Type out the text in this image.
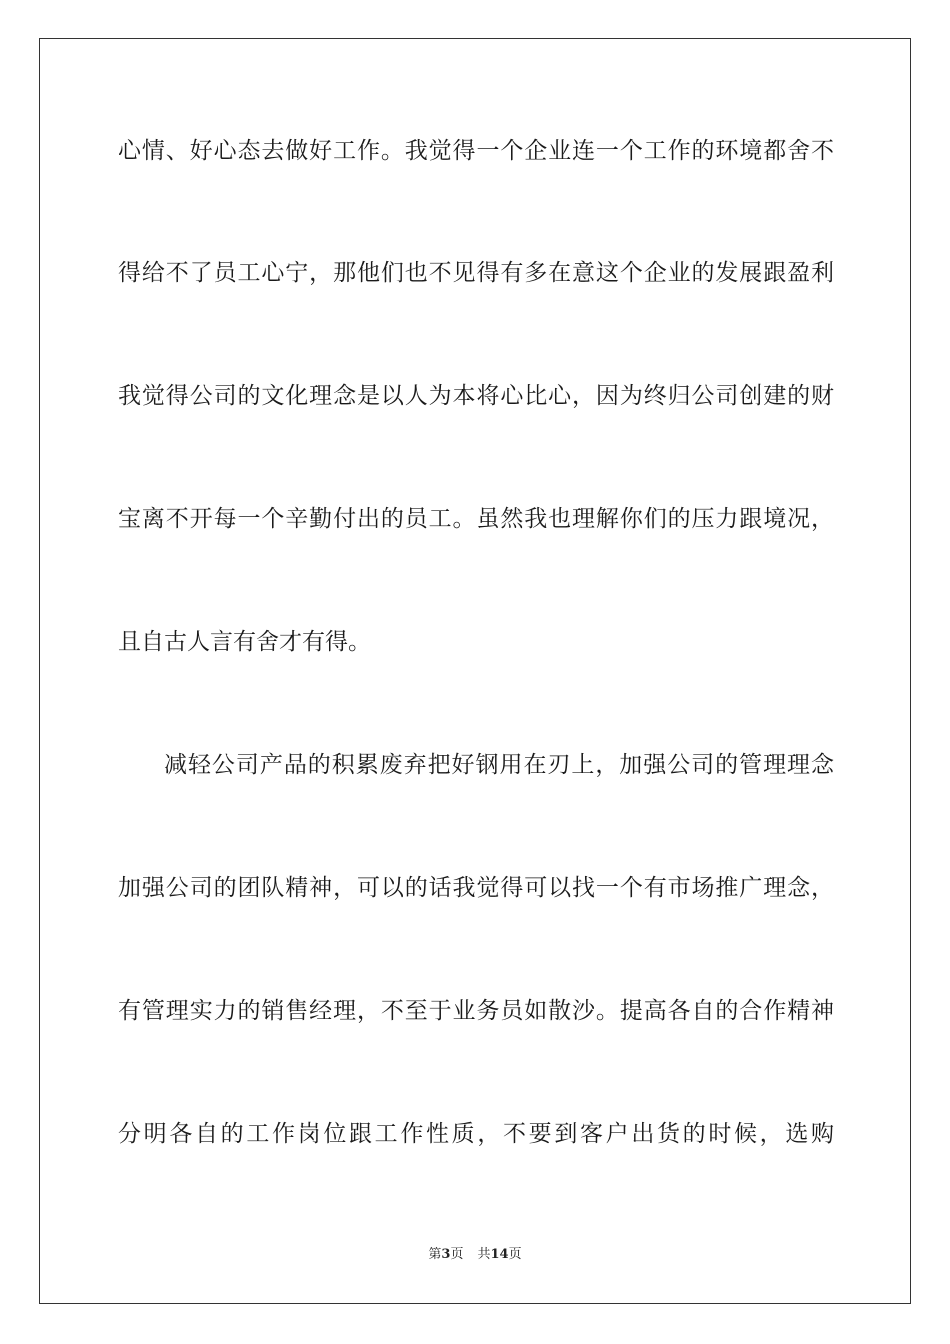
心情、好心态去做好工作。我觉得一个企业连一个工作的环境都舍不
得给不了员工心宁，那他们也不见得有多在意这个企业的发展跟盈利
我觉得公司的文化理念是以人为本将心比心，因为终归公司创建的财
宝离不开每一个辛勤付出的员工。虽然我也理解你们的压力跟境况，
且自古人言有舍才有得。
减轻公司产品的积累废弃把好钢用在刃上，加强公司的管理理念
加强公司的团队精神，可以的话我觉得可以找一个有市场推广理念，
有管理实力的销售经理，不至于业务员如散沙。提高各自的合作精神
分明各自的工作岗位跟工作性质，不要到客户出货的时候，选购
第3页 共14页
